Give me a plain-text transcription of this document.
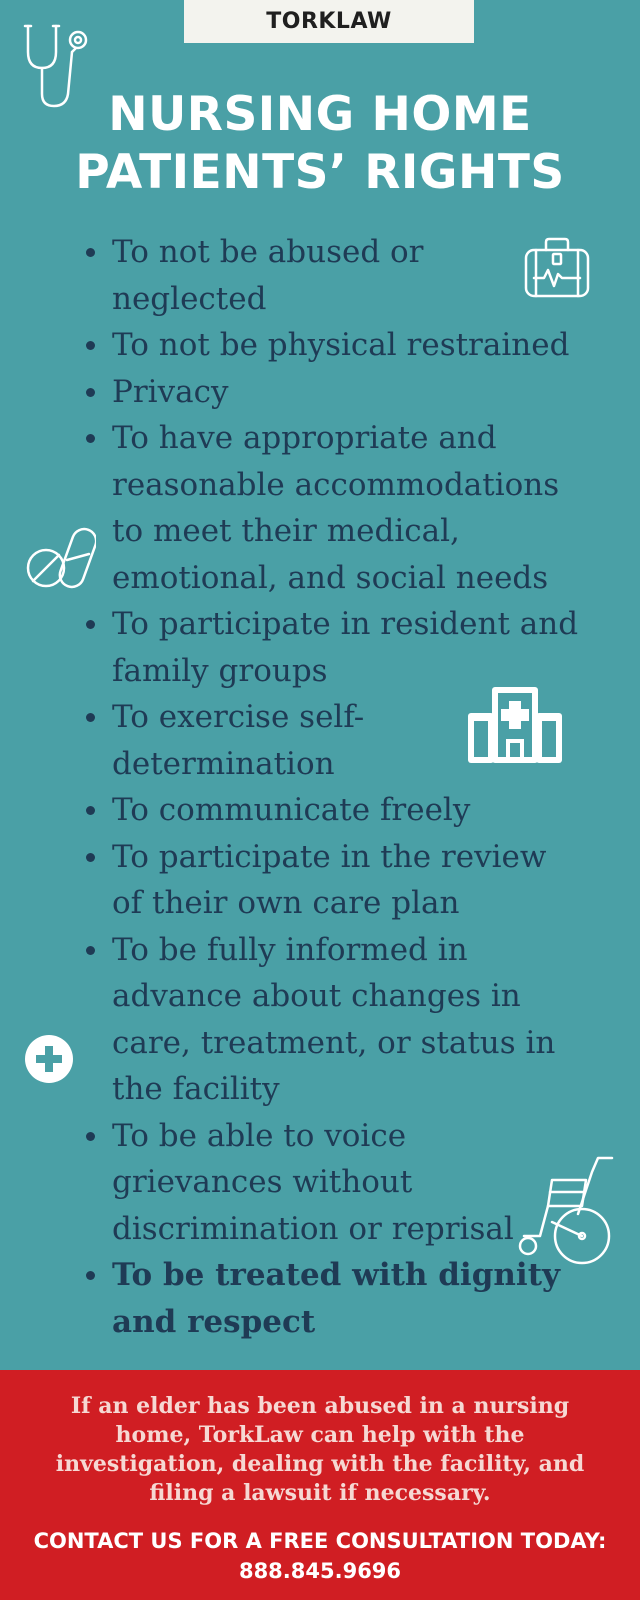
TORKLAW
NURSING HOME
PATIENTS’ RIGHTS
To not be abused or neglected
To not be physical restrained
Privacy
To have appropriate and reasonable accommodations to meet their medical, emotional, and social needs
To participate in resident and family groups
To exercise self-determination
To communicate freely
To participate in the review of their own care plan
To be fully informed in advance about changes in care, treatment, or status in the facility
To be able to voice grievances without discrimination or reprisal
To be treated with dignity and respect
If an elder has been abused in a nursing
home, TorkLaw can help with the
investigation, dealing with the facility, and
filing a lawsuit if necessary.
CONTACT US FOR A FREE CONSULTATION TODAY:
888.845.9696
